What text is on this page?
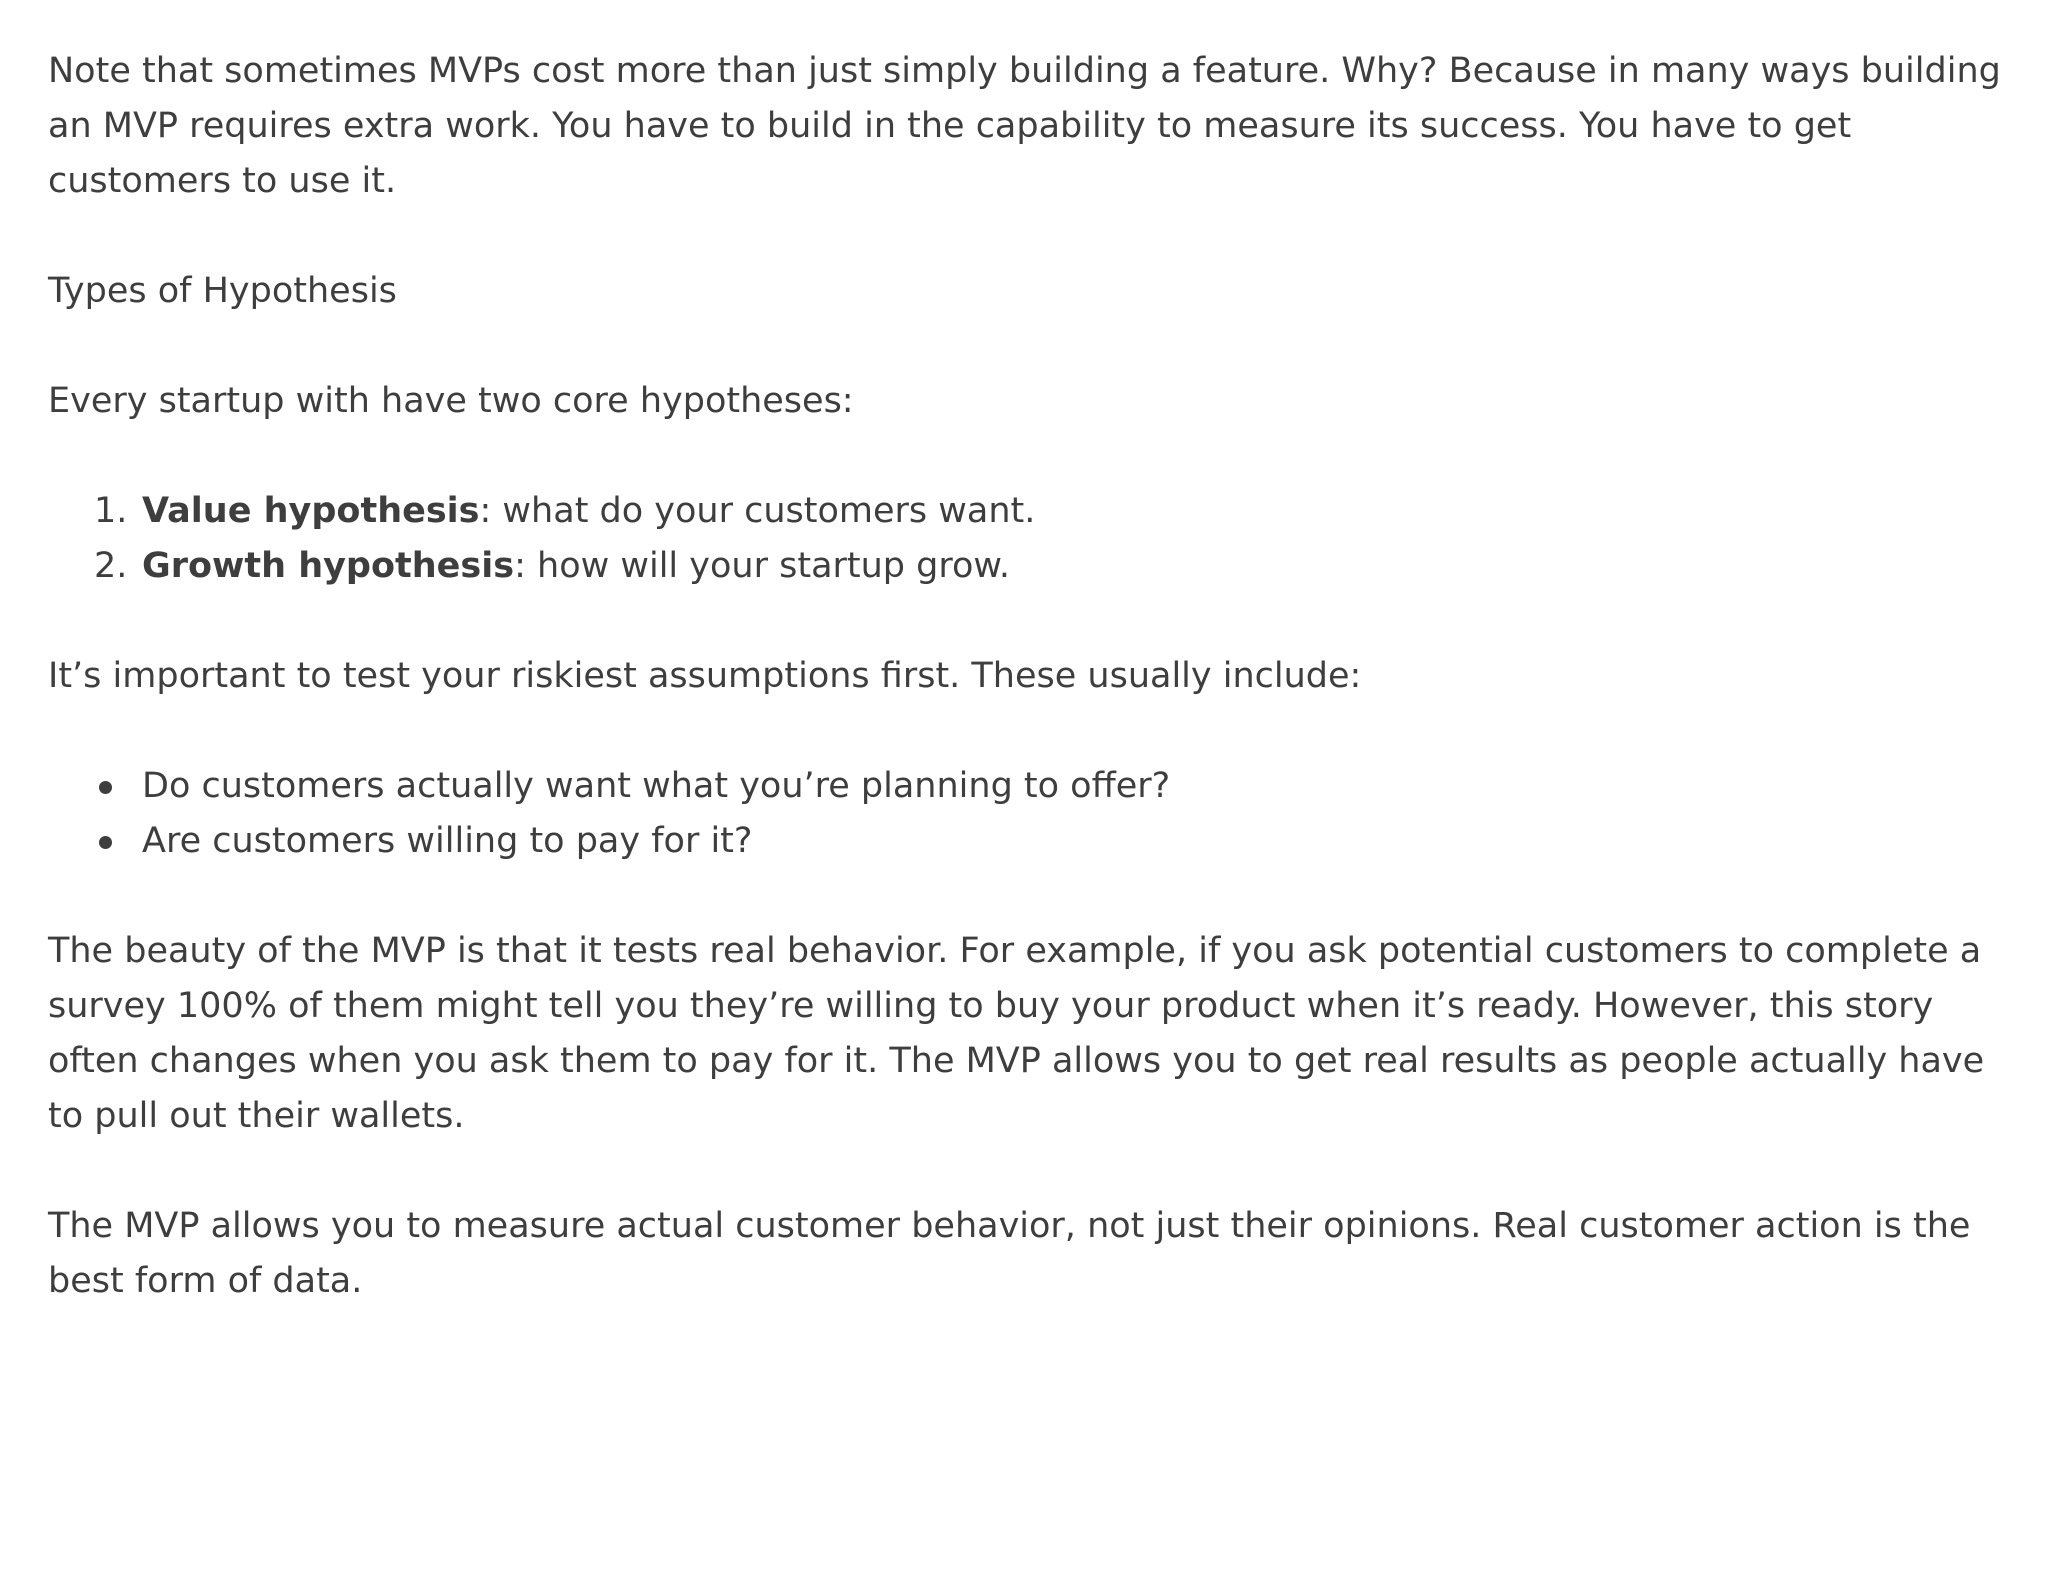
Note that sometimes MVPs cost more than just simply building a feature. Why? Because in many ways building an MVP requires extra work. You have to build in the capability to measure its success. You have to get customers to use it.

Types of Hypothesis

Every startup with have two core hypotheses:

1. Value hypothesis: what do your customers want.
2. Growth hypothesis: how will your startup grow.

It’s important to test your riskiest assumptions first. These usually include:

Do customers actually want what you’re planning to offer?
Are customers willing to pay for it?

The beauty of the MVP is that it tests real behavior. For example, if you ask potential customers to complete a survey 100% of them might tell you they’re willing to buy your product when it’s ready. However, this story often changes when you ask them to pay for it. The MVP allows you to get real results as people actually have to pull out their wallets.

The MVP allows you to measure actual customer behavior, not just their opinions. Real customer action is the best form of data.
